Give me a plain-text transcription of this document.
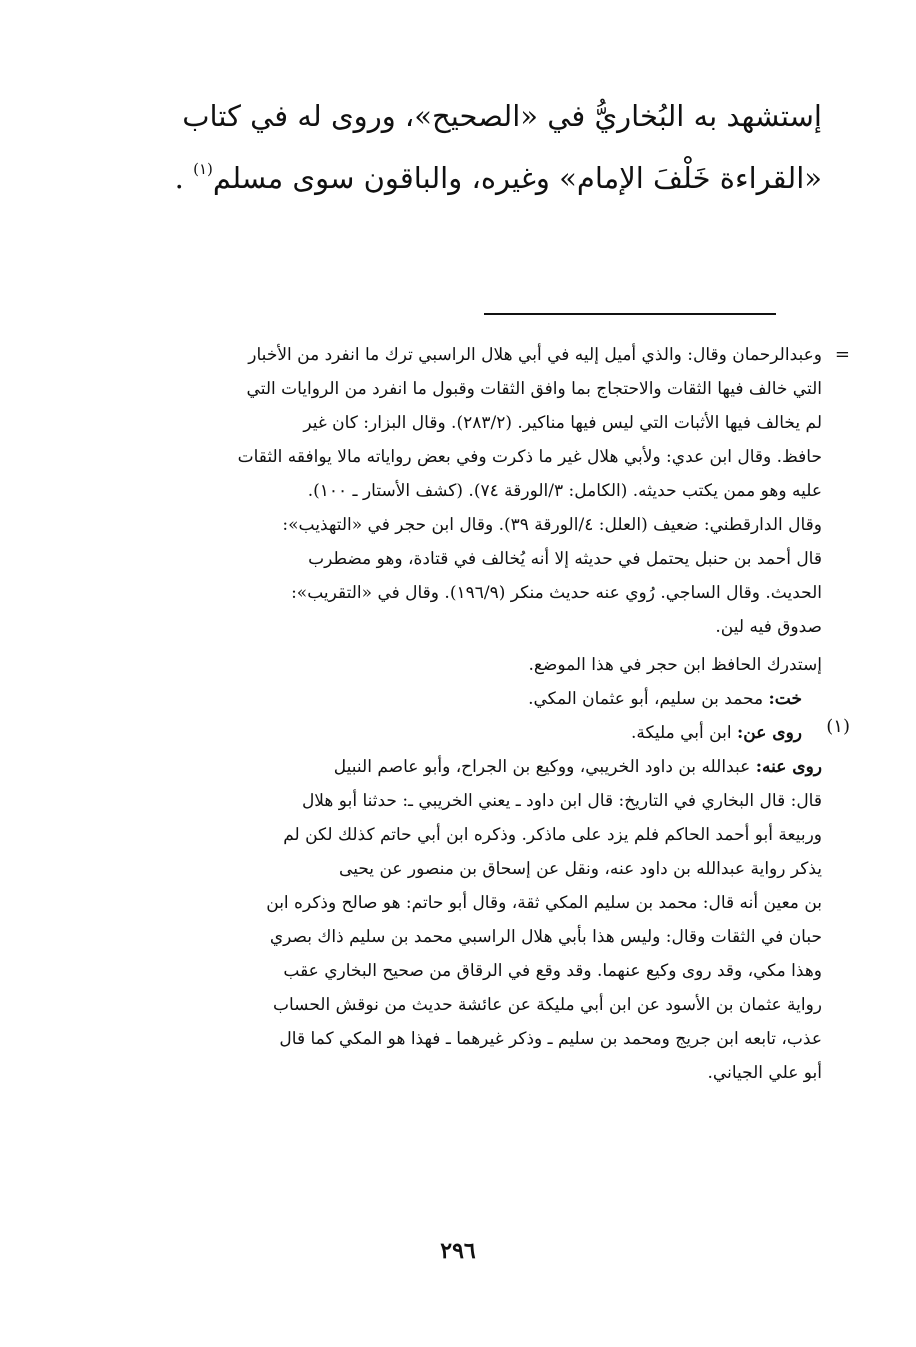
إستشهد به البُخاريُّ في «الصحيح»، وروى له في كتاب

«القراءة خَلْفَ الإمام» وغيره، والباقون سوى مسلم$^{(١)}$ .

=
وعبدالرحمان وقال: والذي أميل إليه في أبي هلال الراسبي ترك ما انفرد من الأخبار
التي خالف فيها الثقات والاحتجاج بما وافق الثقات وقبول ما انفرد من الروايات التي
لم يخالف فيها الأثبات التي ليس فيها مناكير. (٢٨٣/٢). وقال البزار: كان غير
حافظ. وقال ابن عدي: ولأبي هلال غير ما ذكرت وفي بعض رواياته مالا يوافقه الثقات
عليه وهو ممن يكتب حديثه. (الكامل: ٣/الورقة ٧٤). (كشف الأستار ـ ١٠٠).
وقال الدارقطني: ضعيف (العلل: ٤/الورقة ٣٩). وقال ابن حجر في «التهذيب»:
قال أحمد بن حنبل يحتمل في حديثه إلا أنه يُخالف في قتادة، وهو مضطرب
الحديث. وقال الساجي. رُوي عنه حديث منكر (١٩٦/٩). وقال في «التقريب»:
صدوق فيه لين.
(١)
إستدرك الحافظ ابن حجر في هذا الموضع.
خت: محمد بن سليم، أبو عثمان المكي.
روى عن: ابن أبي مليكة.
روى عنه: عبدالله بن داود الخريبي، ووكيع بن الجراح، وأبو عاصم النبيل
قال: قال البخاري في التاريخ: قال ابن داود ـ يعني الخريبي ـ: حدثنا أبو هلال
وربيعة أبو أحمد الحاكم فلم يزد على ماذكر. وذكره ابن أبي حاتم كذلك لكن لم
يذكر رواية عبدالله بن داود عنه، ونقل عن إسحاق بن منصور عن يحيى
بن معين أنه قال: محمد بن سليم المكي ثقة، وقال أبو حاتم: هو صالح وذكره ابن
حبان في الثقات وقال: وليس هذا بأبي هلال الراسبي محمد بن سليم ذاك بصري
وهذا مكي، وقد روى وكيع عنهما. وقد وقع في الرقاق من صحيح البخاري عقب
رواية عثمان بن الأسود عن ابن أبي مليكة عن عائشة حديث من نوقش الحساب
عذب، تابعه ابن جريج ومحمد بن سليم ـ وذكر غيرهما ـ فهذا هو المكي كما قال
أبو علي الجياني.
٢٩٦
